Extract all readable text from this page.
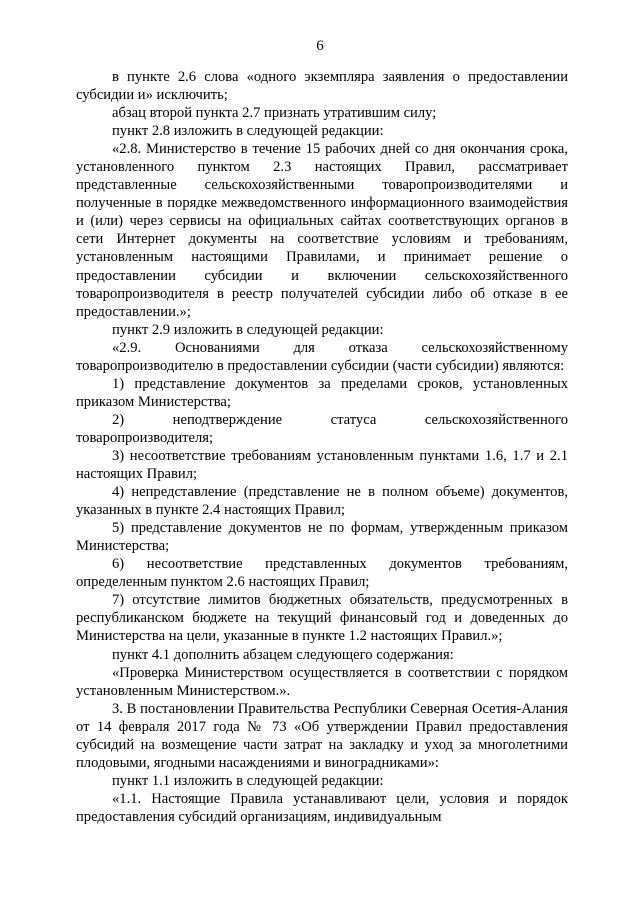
6

в пункте 2.6 слова «одного экземпляра заявления о предоставлении субсидии и» исключить;

абзац второй пункта 2.7 признать утратившим силу;

пункт 2.8 изложить в следующей редакции:

«2.8. Министерство в течение 15 рабочих дней со дня окончания срока, установленного пунктом 2.3 настоящих Правил, рассматривает представленные сельскохозяйственными товаропроизводителями и полученные в порядке межведомственного информационного взаимодействия и (или) через сервисы на официальных сайтах соответствующих органов в сети Интернет документы на соответствие условиям и требованиям, установленным настоящими Правилами, и принимает решение о предоставлении субсидии и включении сельскохозяйственного товаропроизводителя в реестр получателей субсидии либо об отказе в ее предоставлении.»;

пункт 2.9 изложить в следующей редакции:

«2.9. Основаниями для отказа сельскохозяйственному товаропроизводителю в предоставлении субсидии (части субсидии) являются:

1) представление документов за пределами сроков, установленных приказом Министерства;

2) неподтверждение статуса сельскохозяйственного товаропроизводителя;

3) несоответствие требованиям установленным пунктами 1.6, 1.7 и 2.1 настоящих Правил;

4) непредставление (представление не в полном объеме) документов, указанных в пункте 2.4 настоящих Правил;

5) представление документов не по формам, утвержденным приказом Министерства;

6) несоответствие представленных документов требованиям, определенным пунктом 2.6 настоящих Правил;

7) отсутствие лимитов бюджетных обязательств, предусмотренных в республиканском бюджете на текущий финансовый год и доведенных до Министерства на цели, указанные в пункте 1.2 настоящих Правил.»;

пункт 4.1 дополнить абзацем следующего содержания:

«Проверка Министерством осуществляется в соответствии с порядком установленным Министерством.».

3. В постановлении Правительства Республики Северная Осетия-Алания от 14 февраля 2017 года № 73 «Об утверждении Правил предоставления субсидий на возмещение части затрат на закладку и уход за многолетними плодовыми, ягодными насаждениями и виноградниками»:

пункт 1.1 изложить в следующей редакции:

«1.1. Настоящие Правила устанавливают цели, условия и порядок предоставления субсидий организациям, индивидуальным
